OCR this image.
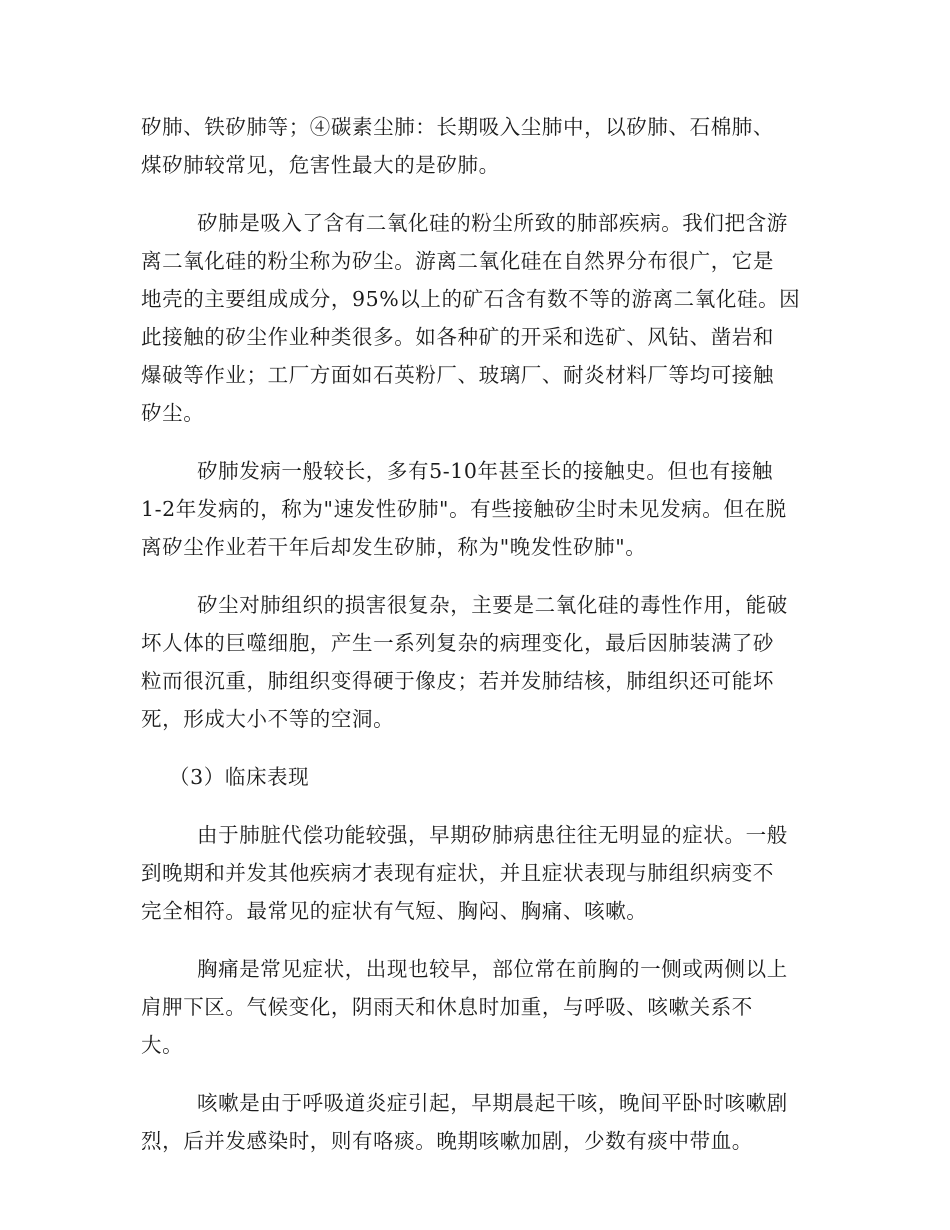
矽肺、铁矽肺等；④碳素尘肺：长期吸入尘肺中，以矽肺、石棉肺、
煤矽肺较常见，危害性最大的是矽肺。

矽肺是吸入了含有二氧化硅的粉尘所致的肺部疾病。我们把含游
离二氧化硅的粉尘称为矽尘。游离二氧化硅在自然界分布很广，它是
地壳的主要组成成分，95%以上的矿石含有数不等的游离二氧化硅。因
此接触的矽尘作业种类很多。如各种矿的开采和选矿、风钻、凿岩和
爆破等作业；工厂方面如石英粉厂、玻璃厂、耐炎材料厂等均可接触
矽尘。

矽肺发病一般较长，多有5-10年甚至长的接触史。但也有接触
1-2年发病的，称为"速发性矽肺"。有些接触矽尘时未见发病。但在脱
离矽尘作业若干年后却发生矽肺，称为"晚发性矽肺"。

矽尘对肺组织的损害很复杂，主要是二氧化硅的毒性作用，能破
坏人体的巨噬细胞，产生一系列复杂的病理变化，最后因肺装满了砂
粒而很沉重，肺组织变得硬于像皮；若并发肺结核，肺组织还可能坏
死，形成大小不等的空洞。

（3）临床表现

由于肺脏代偿功能较强，早期矽肺病患往往无明显的症状。一般
到晚期和并发其他疾病才表现有症状，并且症状表现与肺组织病变不
完全相符。最常见的症状有气短、胸闷、胸痛、咳嗽。

胸痛是常见症状，出现也较早，部位常在前胸的一侧或两侧以上
肩胛下区。气候变化，阴雨天和休息时加重，与呼吸、咳嗽关系不
大。

咳嗽是由于呼吸道炎症引起，早期晨起干咳，晚间平卧时咳嗽剧
烈，后并发感染时，则有咯痰。晚期咳嗽加剧，少数有痰中带血。
